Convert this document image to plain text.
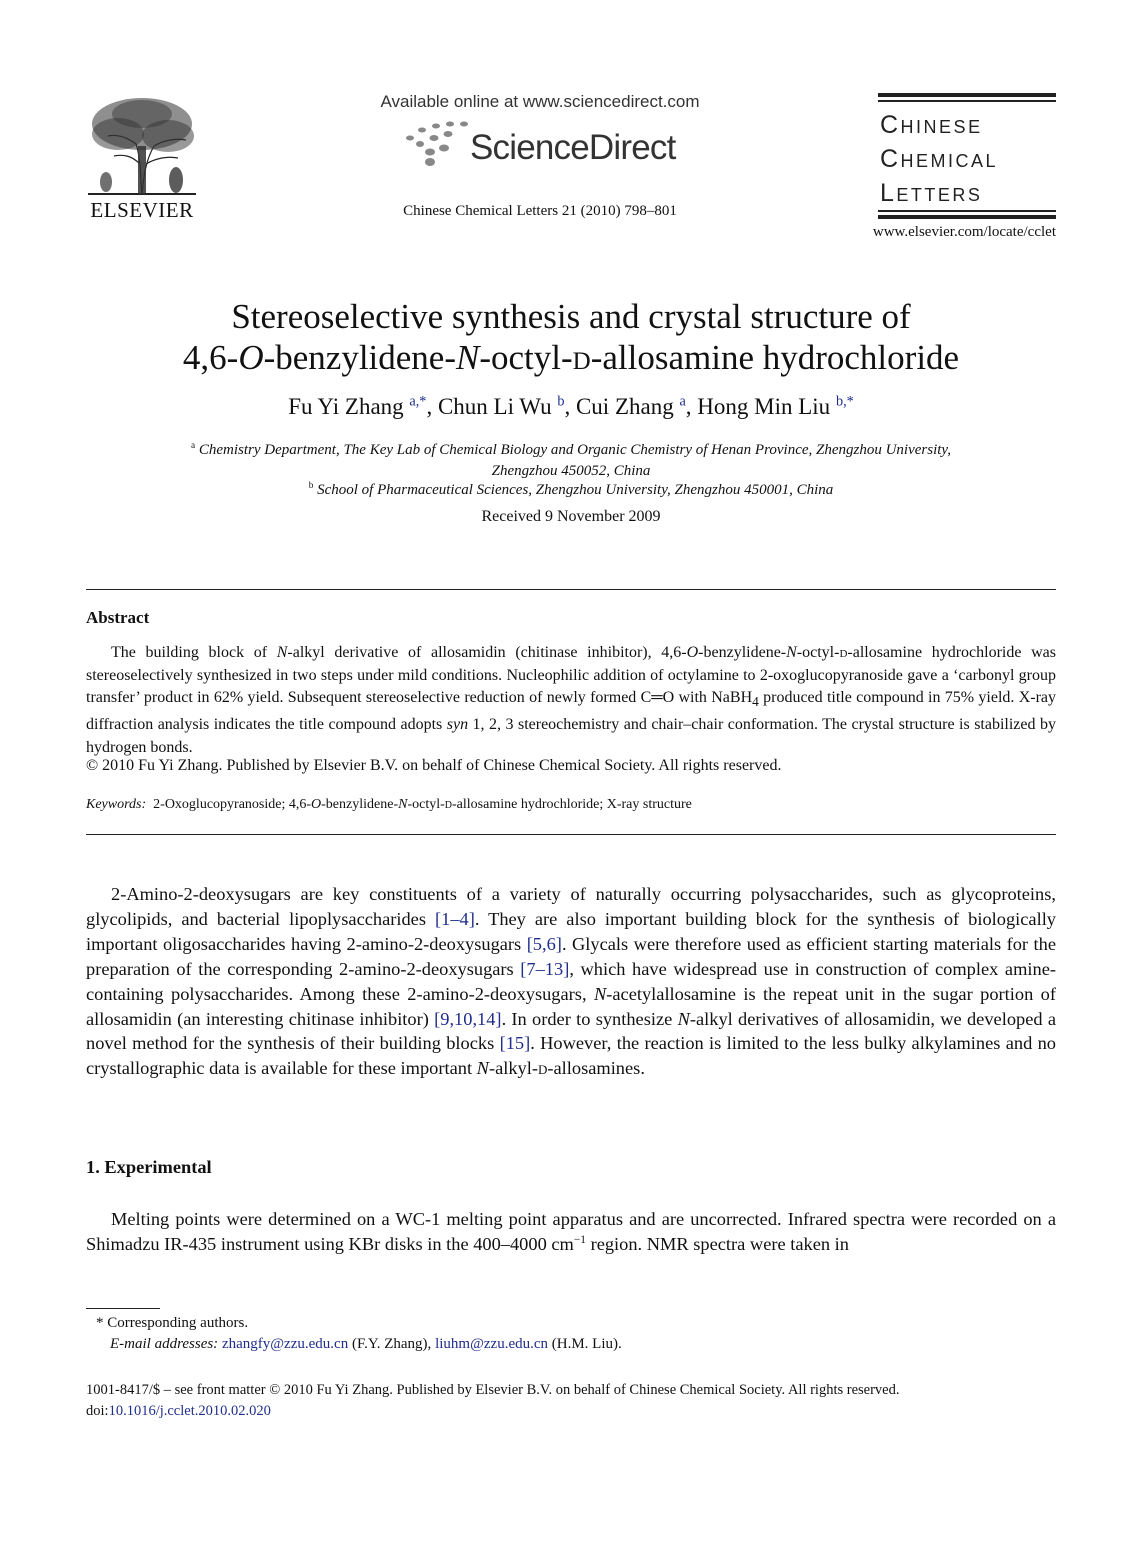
ELSEVIER
Available online at www.sciencedirect.com
ScienceDirect
Chinese Chemical Letters 21 (2010) 798–801
Chinese
Chemical
Letters
www.elsevier.com/locate/cclet
Stereoselective synthesis and crystal structure of
4,6-O-benzylidene-N-octyl-d-allosamine hydrochloride
Fu Yi Zhang $^{a,*}$, Chun Li Wu $^b$, Cui Zhang $^a$, Hong Min Liu $^{b,*}$
$^a$ Chemistry Department, The Key Lab of Chemical Biology and Organic Chemistry of Henan Province, Zhengzhou University,
Zhengzhou 450052, China
$^b$ School of Pharmaceutical Sciences, Zhengzhou University, Zhengzhou 450001, China
Received 9 November 2009
Abstract
The building block of N-alkyl derivative of allosamidin (chitinase inhibitor), 4,6-O-benzylidene-N-octyl-d-allosamine hydrochloride was stereoselectively synthesized in two steps under mild conditions. Nucleophilic addition of octylamine to 2-oxoglucopyranoside gave a ‘carbonyl group transfer’ product in 62% yield. Subsequent stereoselective reduction of newly formed C═O with NaBH$_4$ produced title compound in 75% yield. X-ray diffraction analysis indicates the title compound adopts syn 1, 2, 3 stereochemistry and chair–chair conformation. The crystal structure is stabilized by hydrogen bonds.
© 2010 Fu Yi Zhang. Published by Elsevier B.V. on behalf of Chinese Chemical Society. All rights reserved.
Keywords: 2-Oxoglucopyranoside; 4,6-O-benzylidene-N-octyl-d-allosamine hydrochloride; X-ray structure
2-Amino-2-deoxysugars are key constituents of a variety of naturally occurring polysaccharides, such as glycoproteins, glycolipids, and bacterial lipoplysaccharides [1–4]. They are also important building block for the synthesis of biologically important oligosaccharides having 2-amino-2-deoxysugars [5,6]. Glycals were therefore used as efficient starting materials for the preparation of the corresponding 2-amino-2-deoxysugars [7–13], which have widespread use in construction of complex amine-containing polysaccharides. Among these 2-amino-2-deoxysugars, N-acetylallosamine is the repeat unit in the sugar portion of allosamidin (an interesting chitinase inhibitor) [9,10,14]. In order to synthesize N-alkyl derivatives of allosamidin, we developed a novel method for the synthesis of their building blocks [15]. However, the reaction is limited to the less bulky alkylamines and no crystallographic data is available for these important N-alkyl-d-allosamines.
1. Experimental
Melting points were determined on a WC-1 melting point apparatus and are uncorrected. Infrared spectra were recorded on a Shimadzu IR-435 instrument using KBr disks in the 400–4000 $cm^{-1}$ region. NMR spectra were taken in
* Corresponding authors.
E-mail addresses: zhangfy@zzu.edu.cn (F.Y. Zhang), liuhm@zzu.edu.cn (H.M. Liu).
1001-8417/$ – see front matter © 2010 Fu Yi Zhang. Published by Elsevier B.V. on behalf of Chinese Chemical Society. All rights reserved.
doi:10.1016/j.cclet.2010.02.020
